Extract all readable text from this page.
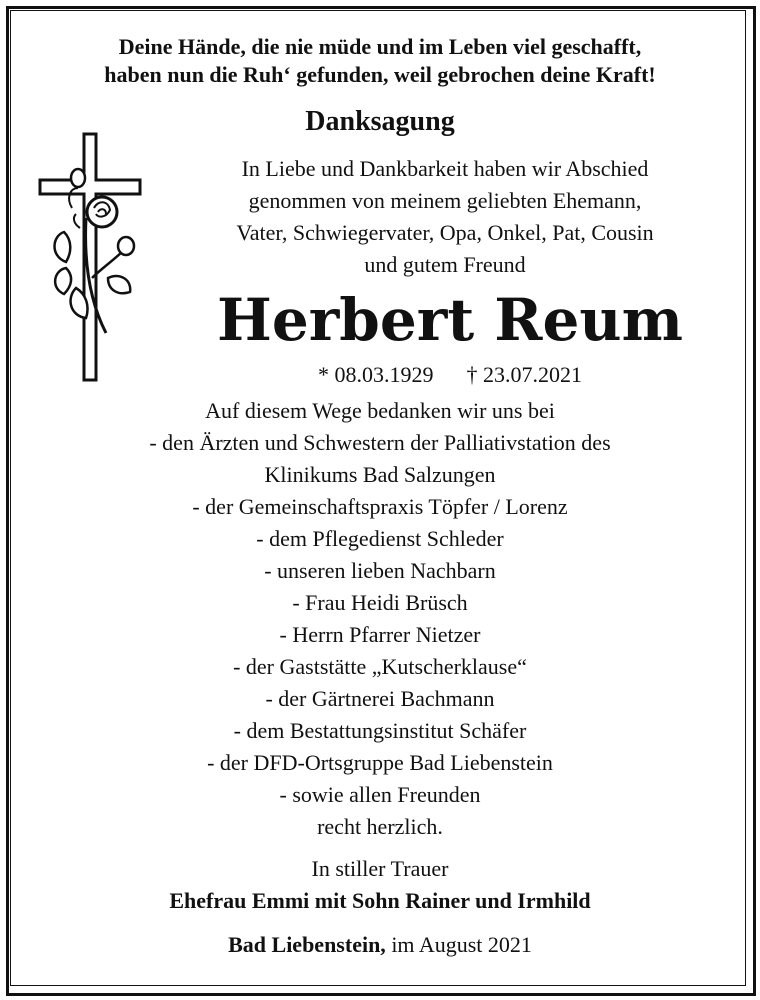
Deine Hände, die nie müde und im Leben viel geschafft,
haben nun die Ruh‘ gefunden, weil gebrochen deine Kraft!
Danksagung
In Liebe und Dankbarkeit haben wir Abschied
genommen von meinem geliebten Ehemann,
Vater, Schwiegervater, Opa, Onkel, Pat, Cousin
und gutem Freund
Herbert Reum
* 08.03.1929 † 23.07.2021
Auf diesem Wege bedanken wir uns bei
- den Ärzten und Schwestern der Palliativstation des
Klinikums Bad Salzungen
- der Gemeinschaftspraxis Töpfer / Lorenz
- dem Pflegedienst Schleder
- unseren lieben Nachbarn
- Frau Heidi Brüsch
- Herrn Pfarrer Nietzer
- der Gaststätte „Kutscherklause“
- der Gärtnerei Bachmann
- dem Bestattungsinstitut Schäfer
- der DFD-Ortsgruppe Bad Liebenstein
- sowie allen Freunden
recht herzlich.
In stiller Trauer
Ehefrau Emmi mit Sohn Rainer und Irmhild
Bad Liebenstein, im August 2021
